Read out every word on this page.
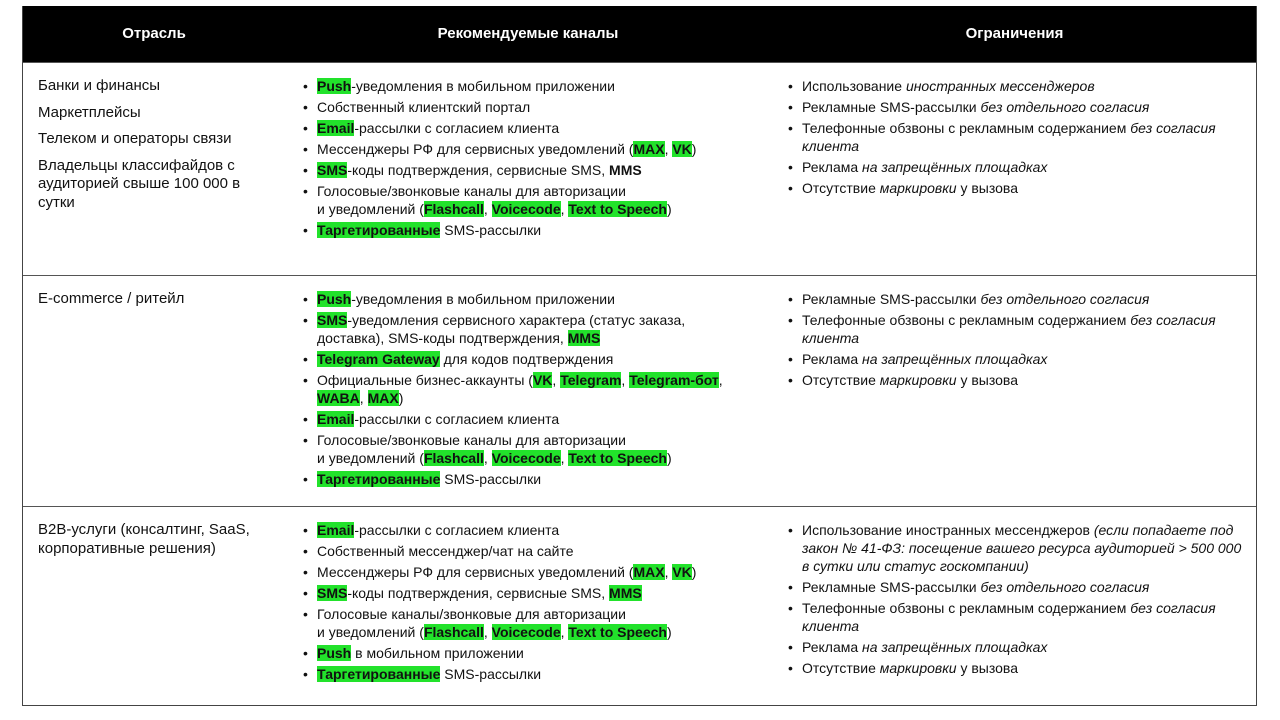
Отрасль	Рекомендуемые каналы	Ограничения
Банки и финансы
Маркетплейсы
Телеком и операторы связи
Владельцы классифайдов с аудиторией свыше 100 000 в сутки
• Push-уведомления в мобильном приложении
• Собственный клиентский портал
• Email-рассылки с согласием клиента
• Мессенджеры РФ для сервисных уведомлений (MAX, VK)
• SMS-коды подтверждения, сервисные SMS, MMS
• Голосовые/звонковые каналы для авторизации
и уведомлений (Flashcall, Voicecode, Text to Speech)
• Таргетированные SMS-рассылки
• Использование иностранных мессенджеров
• Рекламные SMS-рассылки без отдельного согласия
• Телефонные обзвоны с рекламным содержанием без согласия клиента
• Реклама на запрещённых площадках
• Отсутствие маркировки у вызова
E-commerce / ритейл
•	Push-уведомления в мобильном приложении
• SMS-уведомления сервисного характера (статус заказа, доставка), SMS-коды подтверждения, MMS
• Telegram Gateway для кодов подтверждения
• Официальные бизнес-аккаунты (VK, Telegram, Telegram-бот, WABA, MAX)
• Email-рассылки с согласием клиента
• Голосовые/звонковые каналы для авторизации
и уведомлений (Flashcall, Voicecode, Text to Speech)
• Таргетированные SMS-рассылки
• Рекламные SMS-рассылки без отдельного согласия
• Телефонные обзвоны с рекламным содержанием без согласия клиента
• Реклама на запрещённых площадках
• Отсутствие маркировки у вызова
B2B-услуги (консалтинг, SaaS, корпоративные решения)
• Email-рассылки с согласием клиента
• Собственный мессенджер/чат на сайте
• Мессенджеры РФ для сервисных уведомлений (MAX, VK)
• SMS-коды подтверждения, сервисные SMS, MMS
• Голосовые каналы/звонковые для авторизации
и уведомлений (Flashcall, Voicecode, Text to Speech)
• Push в мобильном приложении
• Таргетированные SMS-рассылки
• Использование иностранных мессенджеров (если попадаете под закон № 41-ФЗ: посещение вашего ресурса аудиторией > 500 000 в сутки или статус госкомпании)
• Рекламные SMS-рассылки без отдельного согласия
• Телефонные обзвоны с рекламным содержанием без согласия клиента
• Реклама на запрещённых площадках
• Отсутствие маркировки у вызова
